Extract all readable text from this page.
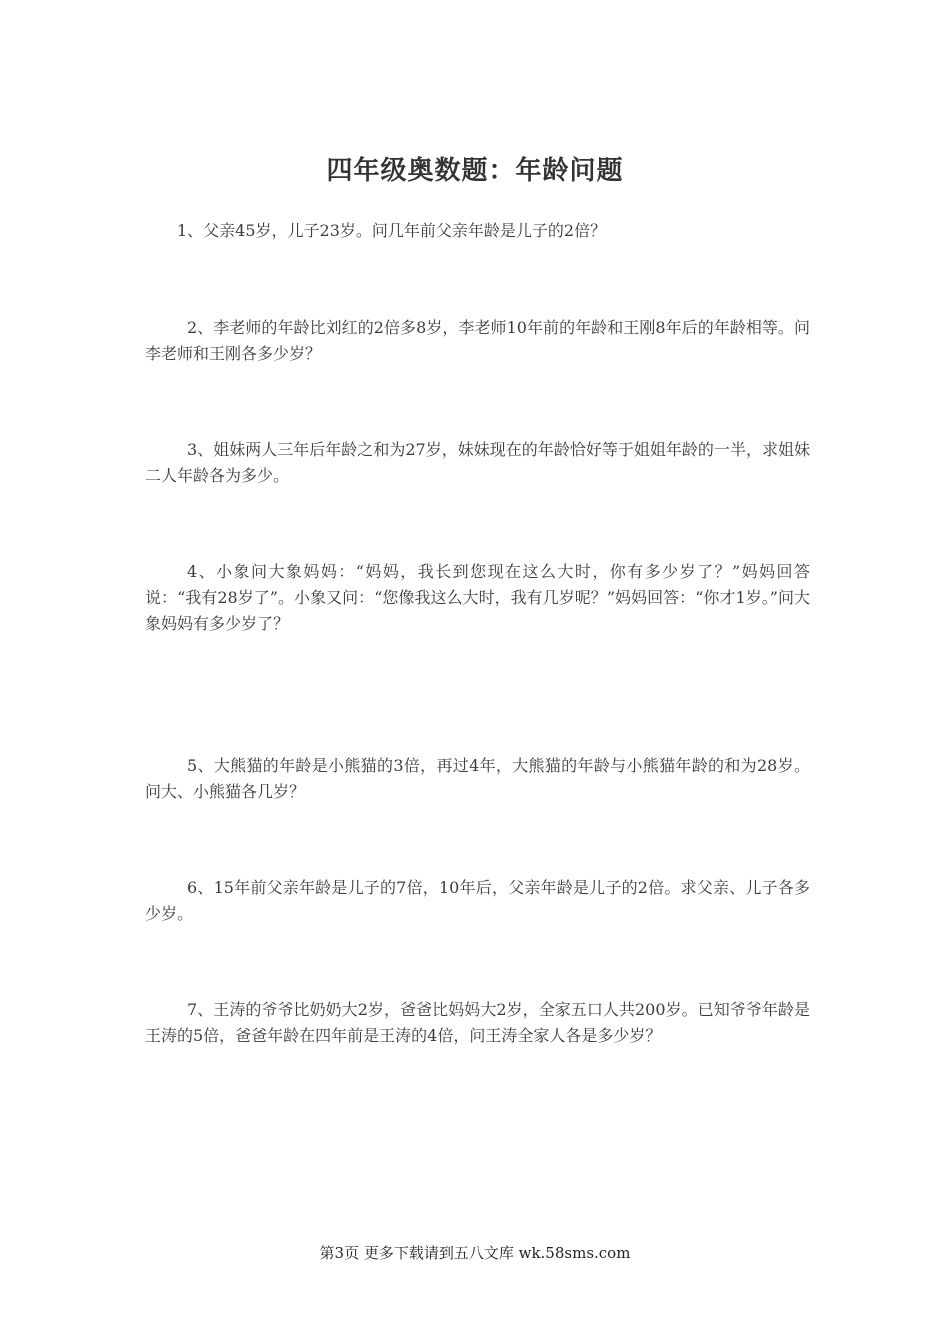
四年级奥数题：年龄问题

1、父亲45岁，儿子23岁。问几年前父亲年龄是儿子的2倍？

2、李老师的年龄比刘红的2倍多8岁，李老师10年前的年龄和王刚8年后的年龄相等。问李老师和王刚各多少岁？

3、姐妹两人三年后年龄之和为27岁，妹妹现在的年龄恰好等于姐姐年龄的一半，求姐妹二人年龄各为多少。

4、小象问大象妈妈：“妈妈，我长到您现在这么大时，你有多少岁了？”妈妈回答说：“我有28岁了”。小象又问：“您像我这么大时，我有几岁呢？”妈妈回答：“你才1岁。”问大象妈妈有多少岁了？

5、大熊猫的年龄是小熊猫的3倍，再过4年，大熊猫的年龄与小熊猫年龄的和为28岁。问大、小熊猫各几岁？

6、15年前父亲年龄是儿子的7倍，10年后，父亲年龄是儿子的2倍。求父亲、儿子各多少岁。

7、王涛的爷爷比奶奶大2岁，爸爸比妈妈大2岁，全家五口人共200岁。已知爷爷年龄是王涛的5倍，爸爸年龄在四年前是王涛的4倍，问王涛全家人各是多少岁？

第3页 更多下载请到五八文库 wk.58sms.com
